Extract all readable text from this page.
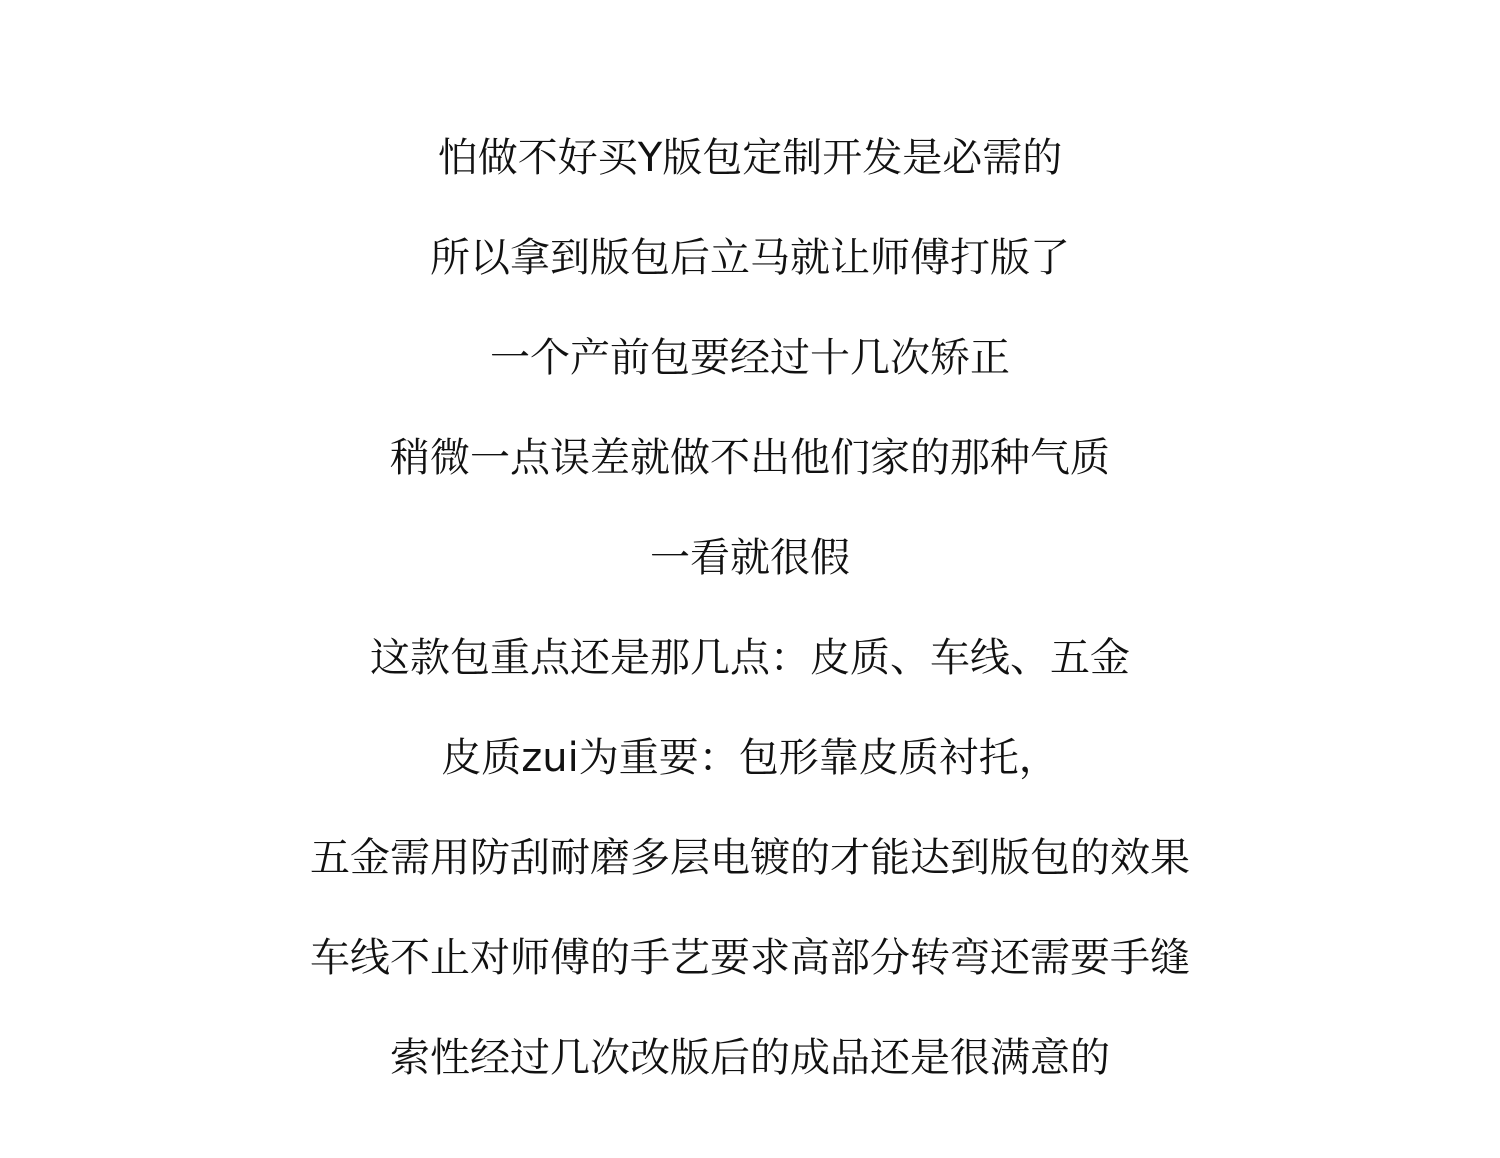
怕做不好买Y版包定制开发是必需的
所以拿到版包后立马就让师傅打版了
一个产前包要经过十几次矫正
稍微一点误差就做不出他们家的那种气质
一看就很假
这款包重点还是那几点：皮质、车线、五金
皮质zui为重要：包形靠皮质衬托，
五金需用防刮耐磨多层电镀的才能达到版包的效果
车线不止对师傅的手艺要求高部分转弯还需要手缝
索性经过几次改版后的成品还是很满意的
